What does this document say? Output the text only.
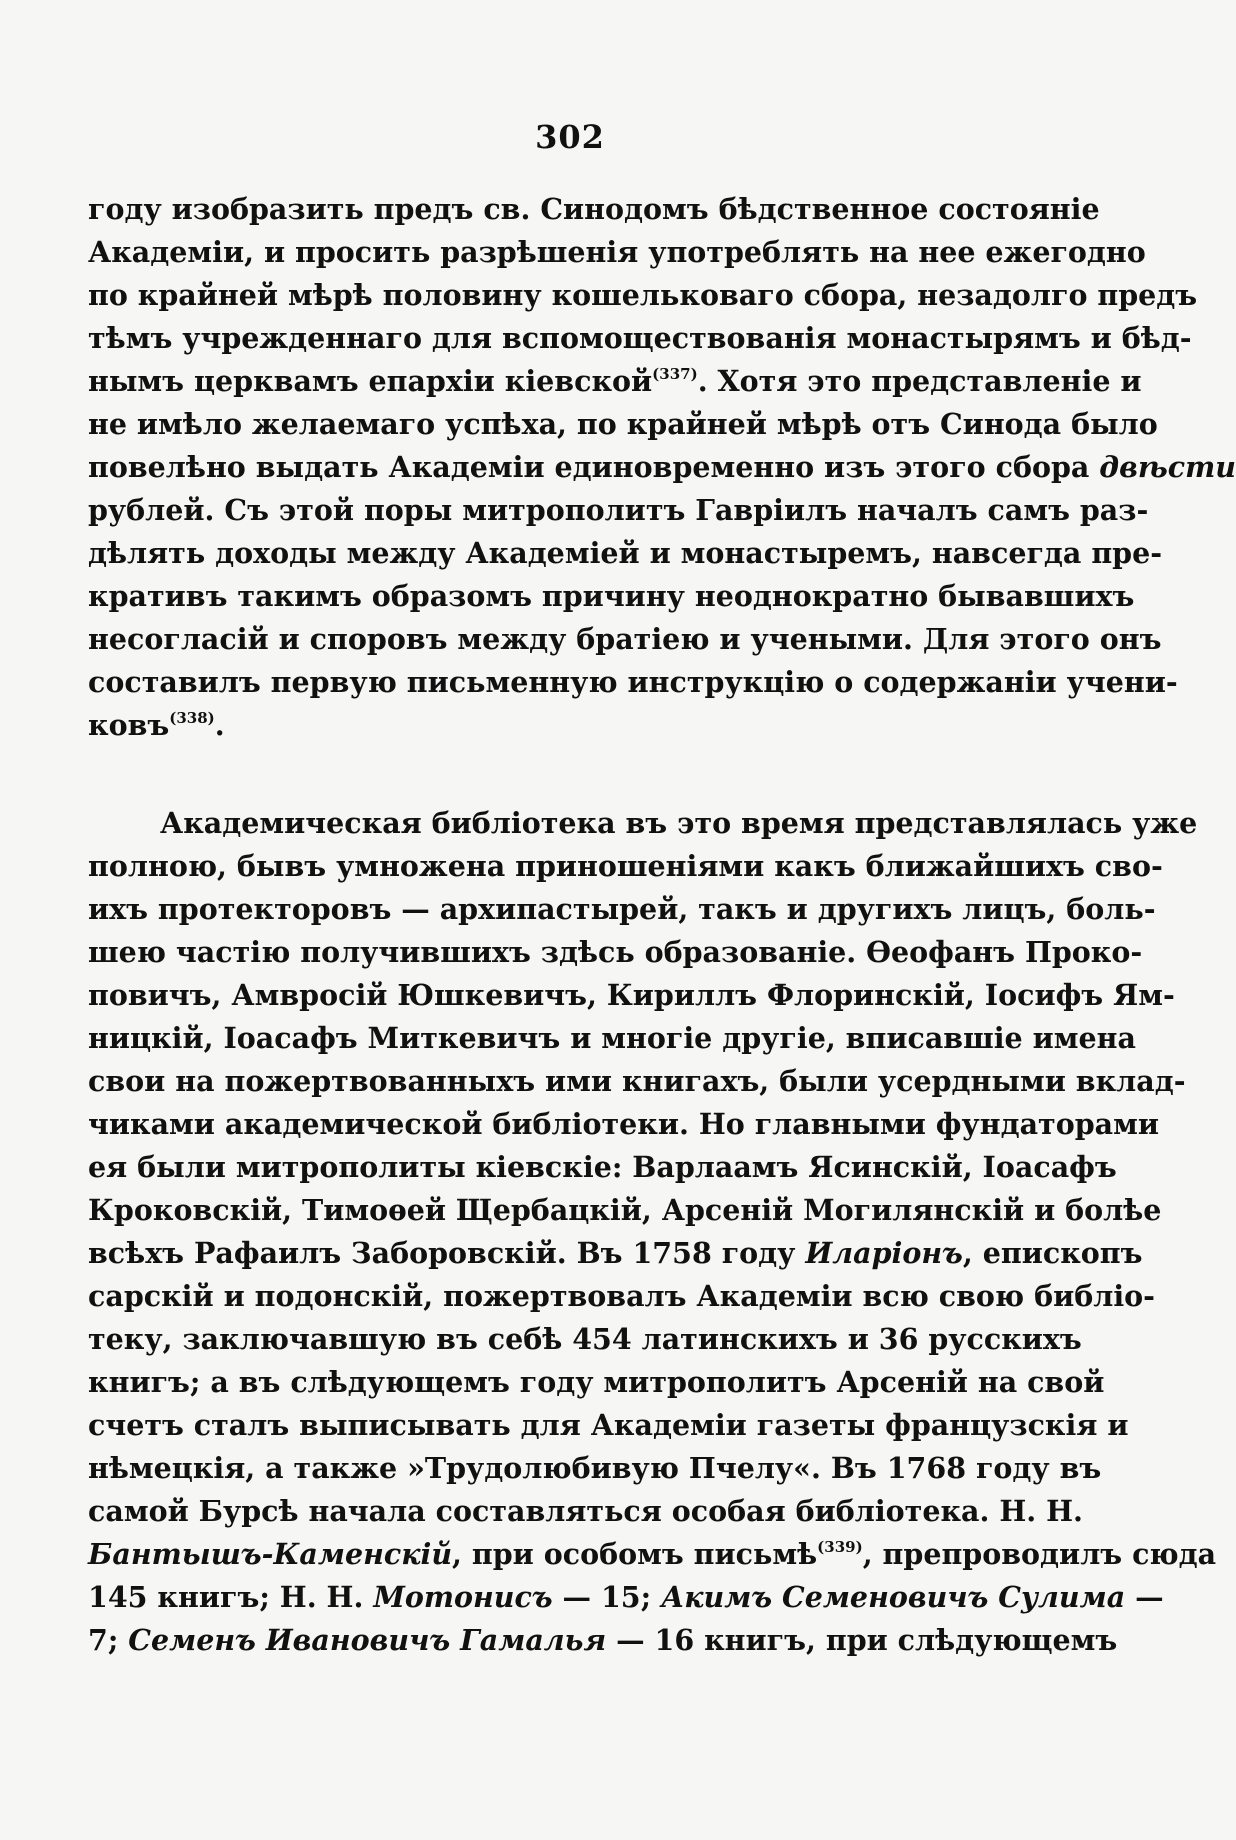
302
году изобразить предъ св. Синодомъ бѣдственное состояніе
Академіи, и просить разрѣшенія употреблять на нее ежегодно
по крайней мѣрѣ половину кошельковаго сбора, незадолго предъ
тѣмъ учрежденнаго для вспомоществованія монастырямъ и бѣд-
нымъ церквамъ епархіи кіевской$^{(337)}$. Хотя это представленіе и
не имѣло желаемаго успѣха, по крайней мѣрѣ отъ Синода было
повелѣно выдать Академіи единовременно изъ этого сбора двѣсти
рублей. Съ этой поры митрополитъ Гавріилъ началъ самъ раз-
дѣлять доходы между Академіей и монастыремъ, навсегда пре-
кративъ такимъ образомъ причину неоднократно бывавшихъ
несогласій и споровъ между братіею и учеными. Для этого онъ
составилъ первую письменную инструкцію о содержаніи учени-
ковъ$^{(338)}$.
Академическая библіотека въ это время представлялась уже
полною, бывъ умножена приношеніями какъ ближайшихъ сво-
ихъ протекторовъ — архипастырей, такъ и другихъ лицъ, боль-
шею частію получившихъ здѣсь образованіе. Ѳеофанъ Проко-
повичъ, Амвросій Юшкевичъ, Кириллъ Флоринскій, Іосифъ Ям-
ницкій, Іоасафъ Миткевичъ и многіе другіе, вписавшіе имена
свои на пожертвованныхъ ими книгахъ, были усердными вклад-
чиками академической библіотеки. Но главными фундаторами
ея были митрополиты кіевскіе: Варлаамъ Ясинскій, Іоасафъ
Кроковскій, Тимоѳей Щербацкій, Арсеній Могилянскій и болѣе
всѣхъ Рафаилъ Заборовскій. Въ 1758 году Иларіонъ, епископъ
сарскій и подонскій, пожертвовалъ Академіи всю свою библіо-
теку, заключавшую въ себѣ 454 латинскихъ и 36 русскихъ
книгъ; а въ слѣдующемъ году митрополитъ Арсеній на свой
счетъ сталъ выписывать для Академіи газеты французскія и
нѣмецкія, а также »Трудолюбивую Пчелу«. Въ 1768 году въ
самой Бурсѣ начала составляться особая библіотека. Н. Н.
Бантышъ-Каменскій, при особомъ письмѣ$^{(339)}$, препроводилъ сюда
145 книгъ; Н. Н. Мотонисъ — 15; Акимъ Семеновичъ Сулима —
7; Семенъ Ивановичъ Гамалья — 16 книгъ, при слѣдующемъ
